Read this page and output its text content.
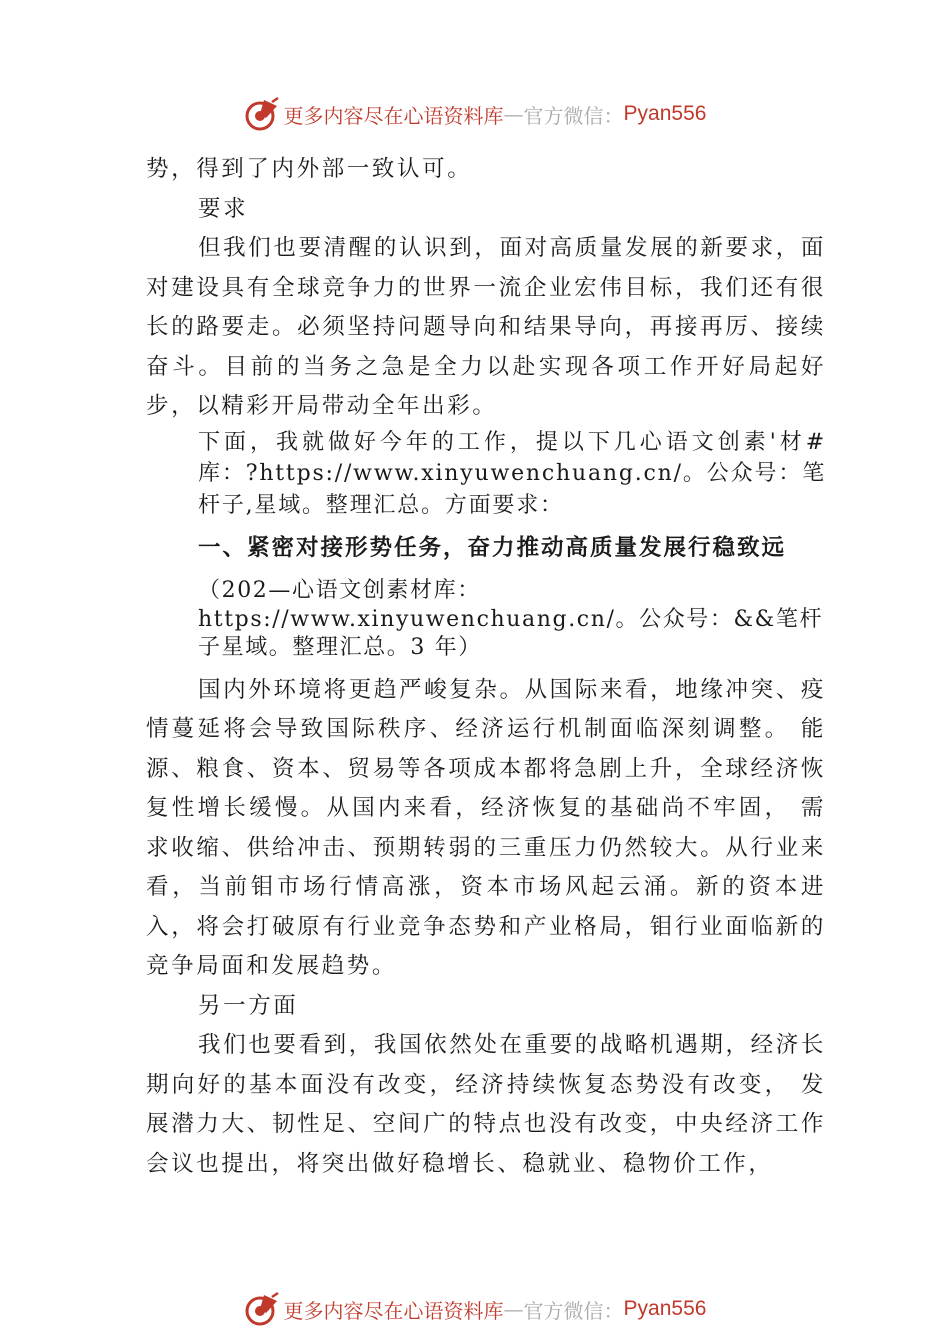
更多内容尽在心语资料库 — 官方微信： Pyan556

势，得到了内外部一致认可。

要求

但我们也要清醒的认识到，面对高质量发展的新要求，面对建设具有全球竞争力的世界一流企业宏伟目标，我们还有很长的路要走。必须坚持问题导向和结果导向，再接再厉、接续奋斗。目前的当务之急是全力以赴实现各项工作开好局起好步，以精彩开局带动全年出彩。

下面，我就做好今年的工作，提以下几心语文创素'材#库：?https://www.xinyuwenchuang.cn/。公众号：笔杆子,星域。整理汇总。方面要求：

一、紧密对接形势任务，奋力推动高质量发展行稳致远

（202—心语文创素材库：https://www.xinyuwenchuang.cn/。公众号：&&笔杆子星域。整理汇总。3 年）

国内外环境将更趋严峻复杂。从国际来看，地缘冲突、疫情蔓延将会导致国际秩序、经济运行机制面临深刻调整。 能源、粮食、资本、贸易等各项成本都将急剧上升，全球经济恢复性增长缓慢。从国内来看，经济恢复的基础尚不牢固， 需求收缩、供给冲击、预期转弱的三重压力仍然较大。从行业来看，当前钼市场行情高涨，资本市场风起云涌。新的资本进入，将会打破原有行业竞争态势和产业格局，钼行业面临新的竞争局面和发展趋势。

另一方面

我们也要看到，我国依然处在重要的战略机遇期，经济长期向好的基本面没有改变，经济持续恢复态势没有改变， 发展潜力大、韧性足、空间广的特点也没有改变，中央经济工作会议也提出，将突出做好稳增长、稳就业、稳物价工作，

更多内容尽在心语资料库 — 官方微信： Pyan556
